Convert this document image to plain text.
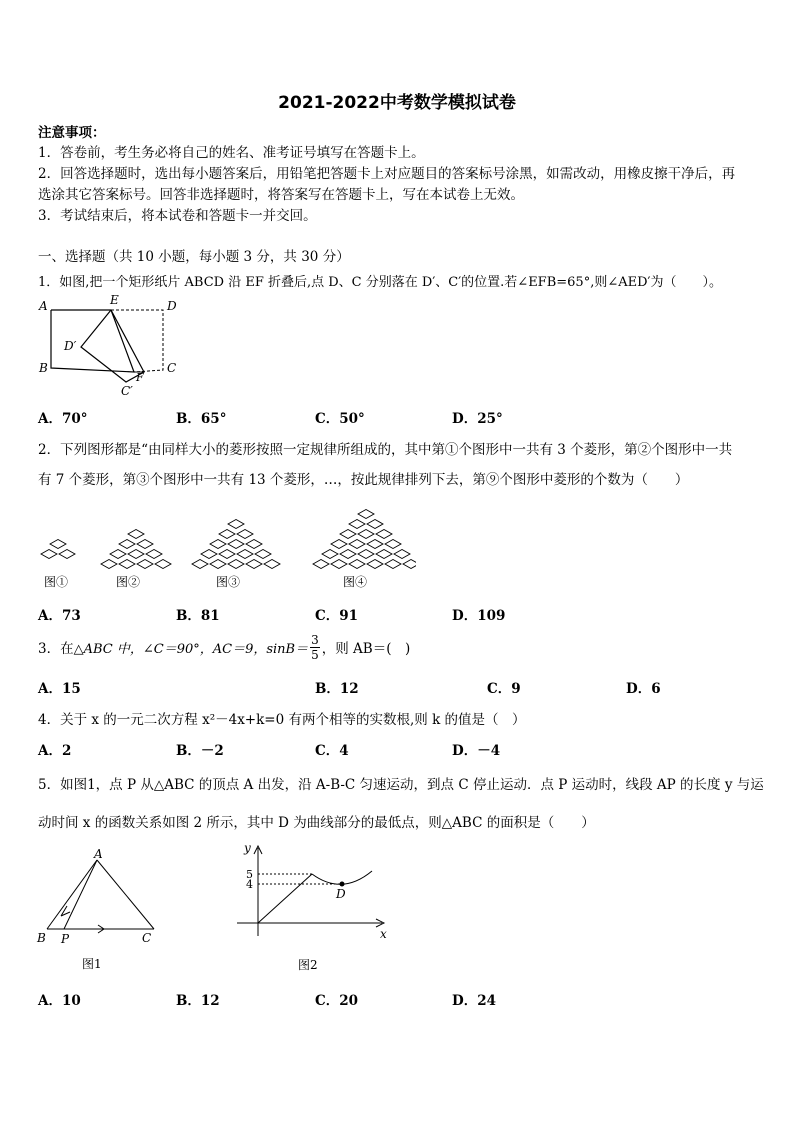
2021-2022中考数学模拟试卷
注意事项：
1．答卷前，考生务必将自己的姓名、准考证号填写在答题卡上。
2．回答选择题时，选出每小题答案后，用铅笔把答题卡上对应题目的答案标号涂黑，如需改动，用橡皮擦干净后，再
选涂其它答案标号。回答非选择题时，将答案写在答题卡上，写在本试卷上无效。
3．考试结束后，将本试卷和答题卡一并交回。
一、选择题（共 10 小题，每小题 3 分，共 30 分）
1．如图,把一个矩形纸片 ABCD 沿 EF 折叠后,点 D、C 分别落在 D′、C′的位置.若∠EFB=65°,则∠AED′为（　　）。
A
B
E	D
C
D′
F
C′
A．70°	B．65°	C．50°	D．25°
2．下列图形都是“由同样大小的菱形按照一定规律所组成的，其中第①个图形中一共有 3 个菱形，第②个图形中一共
有 7 个菱形，第③个图形中一共有 13 个菱形，…，按此规律排列下去，第⑨个图形中菱形的个数为（　　）
图①	图②	图③	图④
A．73	B．81	C．91	D．109
3．在 △ABC 中，∠C＝90°，AC＝9，$\sin B= \frac{3}{5}$ ，则 AB＝(　)
A．15	B．12	C．9	D．6
4．关于 x 的一元二次方程 x²－4x+k=0 有两个相等的实数根,则 k 的值是（　）
A．2	B．－2	C．4	D．－4
5．如图1，点 P 从△ABC 的顶点 A 出发，沿 A-B-C 匀速运动，到点 C 停止运动．点 P 运动时，线段 AP 的长度 y 与运
动时间 x 的函数关系如图 2 所示，其中 D 为曲线部分的最低点，则△ABC 的面积是（　　）
A
B P	C
图1
y
x
5
4
D
图2
A．10	B．12	C．20	D．24
